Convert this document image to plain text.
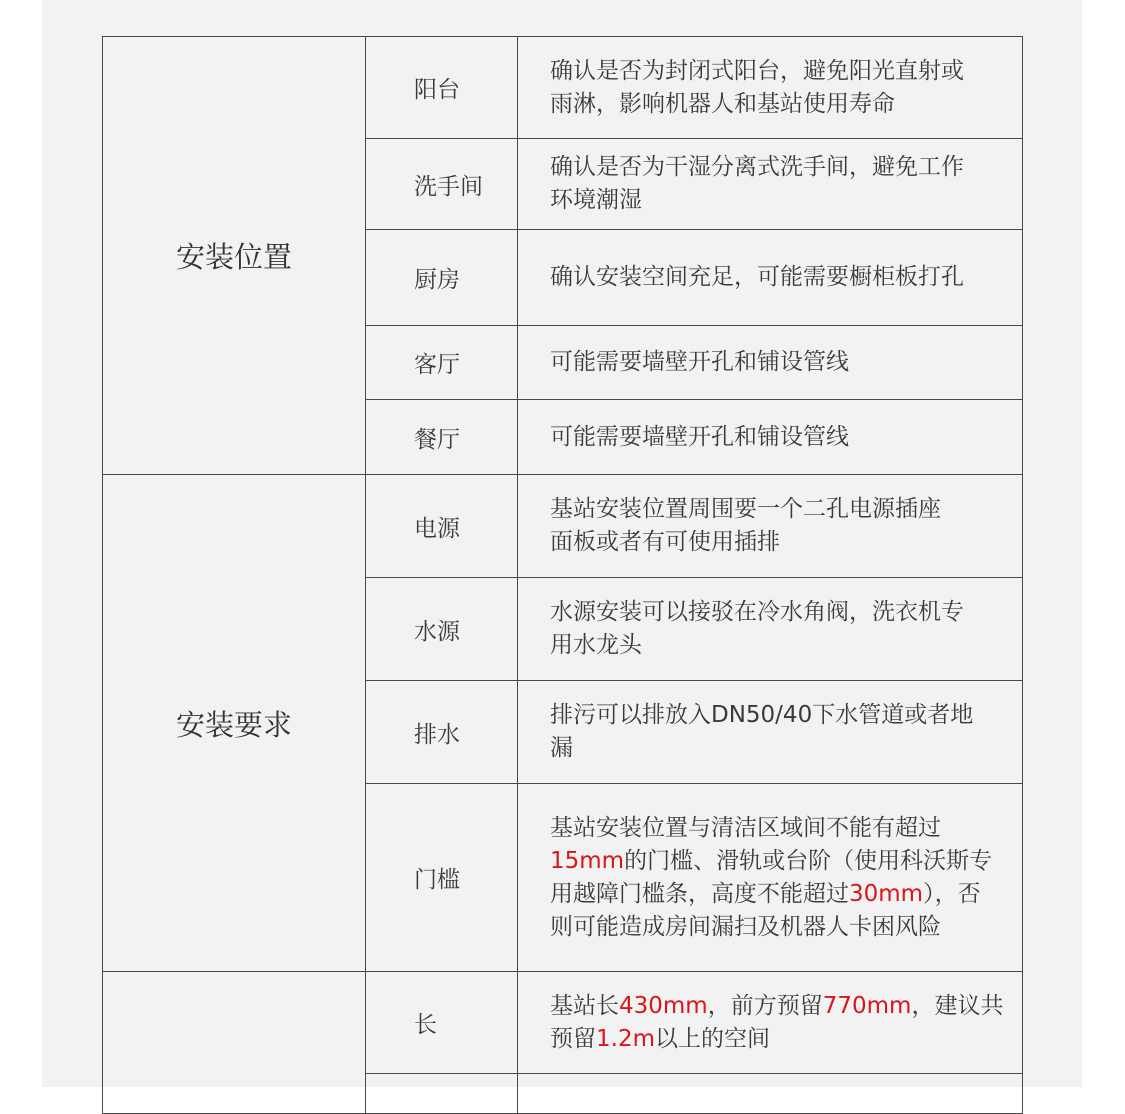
安装位置	阳台	确认是否为封闭式阳台，避免阳光直射或
雨淋，影响机器人和基站使用寿命

	洗手间	确认是否为干湿分离式洗手间，避免工作
环境潮湿

	厨房	确认安装空间充足，可能需要橱柜板打孔

	客厅	可能需要墙壁开孔和铺设管线

	餐厅	可能需要墙壁开孔和铺设管线

安装要求	电源	基站安装位置周围要一个二孔电源插座
面板或者有可使用插排

	水源	水源安装可以接驳在冷水角阀，洗衣机专
用水龙头

	排水	排污可以排放入DN50/40下水管道或者地
漏

	门槛	基站安装位置与清洁区域间不能有超过
15mm的门槛、滑轨或台阶（使用科沃斯专
用越障门槛条，高度不能超过30mm），否
则可能造成房间漏扫及机器人卡困风险

	长	基站长430mm，前方预留770mm，建议共
预留1.2m以上的空间
